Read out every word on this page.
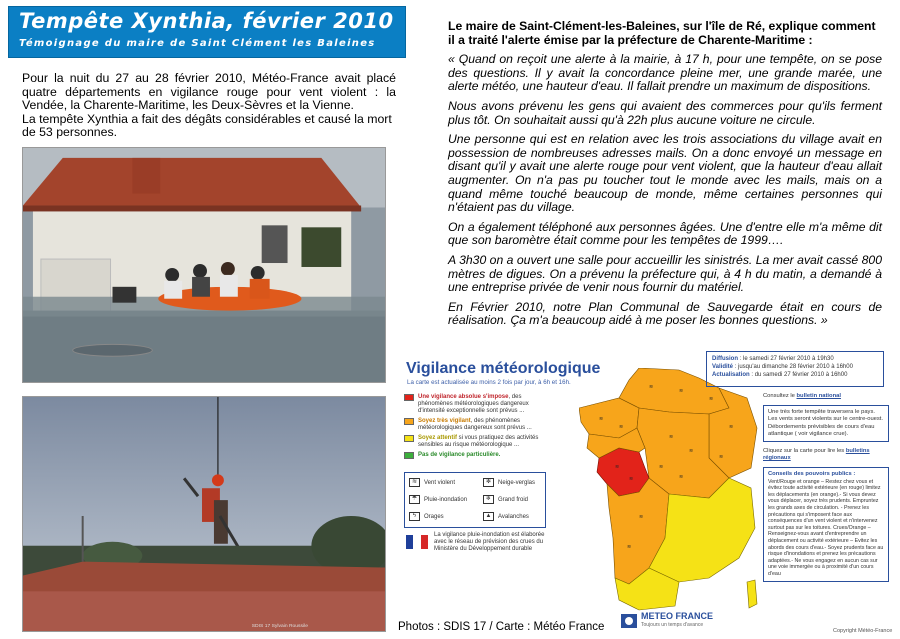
Tempête Xynthia, février 2010
Témoignage du maire de Saint Clément les Baleines
Pour la nuit du 27 au 28 février 2010, Météo-France avait placé quatre départements en vigilance rouge pour vent violent : la Vendée, la Charente-Maritime, les Deux-Sèvres et la Vienne.
La tempête Xynthia a fait des dégâts considérables et causé la mort de 53 personnes.
SDIS 17 Sylvain Roussile
Le maire de Saint-Clément-les-Baleines, sur l'île de Ré, explique comment il a traité l'alerte émise par la préfecture de Charente-Maritime :

« Quand on reçoit une alerte à la mairie, à 17 h, pour une tempête, on se pose des questions. Il y avait la concordance pleine mer, une grande marée, une alerte météo, une hauteur d'eau. Il fallait prendre un maximum de dispositions.

Nous avons prévenu les gens qui avaient des commerces pour qu'ils ferment plus tôt. On souhaitait aussi qu'à 22h plus aucune voiture ne circule.

Une personne qui est en relation avec les trois associations du village avait en possession de nombreuses adresses mails. On a donc envoyé un message en disant qu'il y avait une alerte rouge pour vent violent, que la hauteur d'eau allait augmenter. On n'a pas pu toucher tout le monde avec les mails, mais on a quand même touché beaucoup de monde, même certaines personnes qui n'étaient pas du village.

On a également téléphoné aux personnes âgées. Une d'entre elle m'a même dit que son baromètre était comme pour les tempêtes de 1999….

A 3h30 on a ouvert une salle pour accueillir les sinistrés. La mer avait cassé 800 mètres de digues. On a prévenu la préfecture qui, à 4 h du matin, a demandé à une entreprise privée de venir nous fournir du matériel.

En Février 2010, notre Plan Communal de Sauvegarde était en cours de réalisation. Ça m'a beaucoup aidé à me poser les bonnes questions. »

Vigilance météorologique
La carte est actualisée au moins 2 fois par jour, à 6h et 16h.
Une vigilance absolue s'impose, des phénomènes météorologiques dangereux d'intensité exceptionnelle sont prévus ...
Soyez très vigilant, des phénomènes météorologiques dangereux sont prévus ...
Soyez attentif si vous pratiquez des activités sensibles au risque météorologique ...
Pas de vigilance particulière.
≋	Vent violent	✻	Neige-verglas
☂	Pluie-inondation	❄	Grand froid
ϟ	Orages	▲	Avalanches
La vigilance pluie-inondation est élaborée avec le réseau de prévision des crues du Ministère du Développement durable
≋
≋
≋
≋
≋	≋
≋
≋
≋
≋
≋
≋
≋
≋
≋
Diffusion : le samedi 27 février 2010 à 19h30
Validité : jusqu'au dimanche 28 février 2010 à 16h00
Actualisation : du samedi 27 février 2010 à 16h00
Consultez le bulletin national
Une très forte tempête traversera le pays. Les vents seront violents sur le centre-ouest. Débordements prévisibles de cours d'eau atlantique ( voir vigilance crue).
Cliquez sur la carte pour lire les bulletins régionaux
Conseils des pouvoirs publics :
Vent/Rouge et orange – Restez chez vous et évitez toute activité extérieure (en rouge) limitez les déplacements (en orange).- Si vous devez vous déplacer, soyez très prudents. Empruntez les grands axes de circulation. - Prenez les précautions qui s'imposent face aux conséquences d'un vent violent et n'intervenez surtout pas sur les toitures. Crues/Orange – Renseignez-vous avant d'entreprendre un déplacement ou activité extérieure – Evitez les abords des cours d'eau.- Soyez prudents face au risque d'inondations et prenez les précautions adaptées.- Ne vous engagez en aucun cas sur une voie immergée ou à proximité d'un cours d'eau
METEO FRANCE
Toujours un temps d'avance
Copyright Météo-France
Photos : SDIS 17 / Carte : Météo France
